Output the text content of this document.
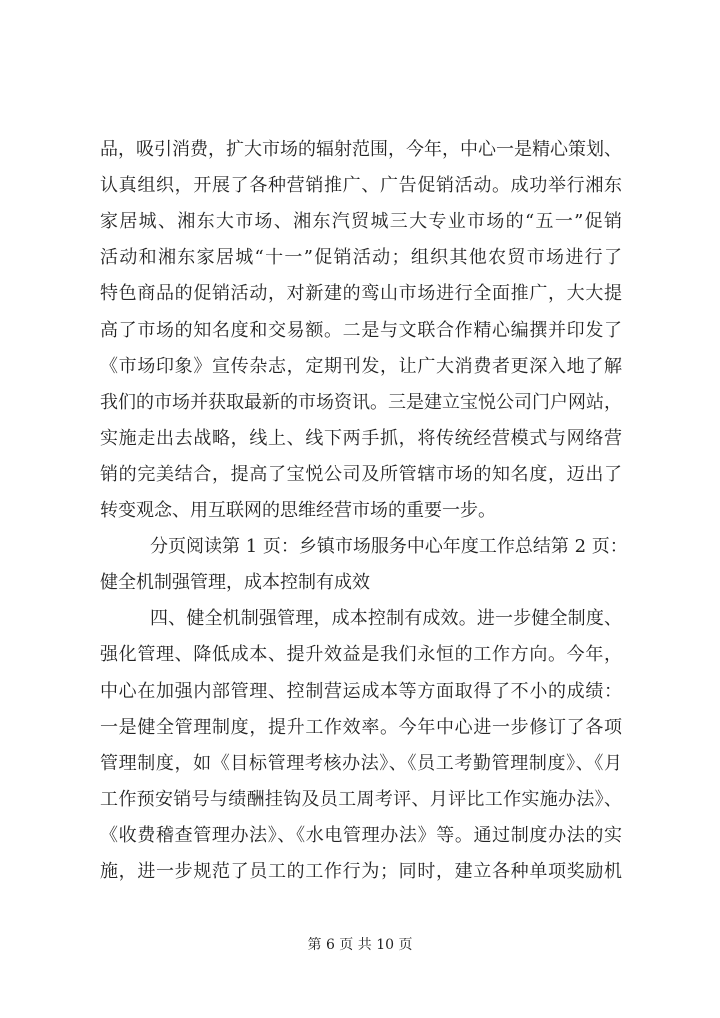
品，吸引消费，扩大市场的辐射范围，今年，中心一是精心策划、
认真组织，开展了各种营销推广、广告促销活动。成功举行湘东
家居城、湘东大市场、湘东汽贸城三大专业市场的“五一”促销
活动和湘东家居城“十一”促销活动；组织其他农贸市场进行了
特色商品的促销活动，对新建的鸾山市场进行全面推广，大大提
高了市场的知名度和交易额。二是与文联合作精心编撰并印发了
《市场印象》宣传杂志，定期刊发，让广大消费者更深入地了解
我们的市场并获取最新的市场资讯。三是建立宝悦公司门户网站，
实施走出去战略，线上、线下两手抓，将传统经营模式与网络营
销的完美结合，提高了宝悦公司及所管辖市场的知名度，迈出了
转变观念、用互联网的思维经营市场的重要一步。
分页阅读第 1 页：乡镇市场服务中心年度工作总结第 2 页：
健全机制强管理，成本控制有成效
四、健全机制强管理，成本控制有成效。进一步健全制度、
强化管理、降低成本、提升效益是我们永恒的工作方向。今年，
中心在加强内部管理、控制营运成本等方面取得了不小的成绩：
一是健全管理制度，提升工作效率。今年中心进一步修订了各项
管理制度，如《目标管理考核办法》、《员工考勤管理制度》、《月
工作预安销号与绩酬挂钩及员工周考评、月评比工作实施办法》、
《收费稽查管理办法》、《水电管理办法》等。通过制度办法的实
施，进一步规范了员工的工作行为；同时，建立各种单项奖励机
第 6 页 共 10 页
